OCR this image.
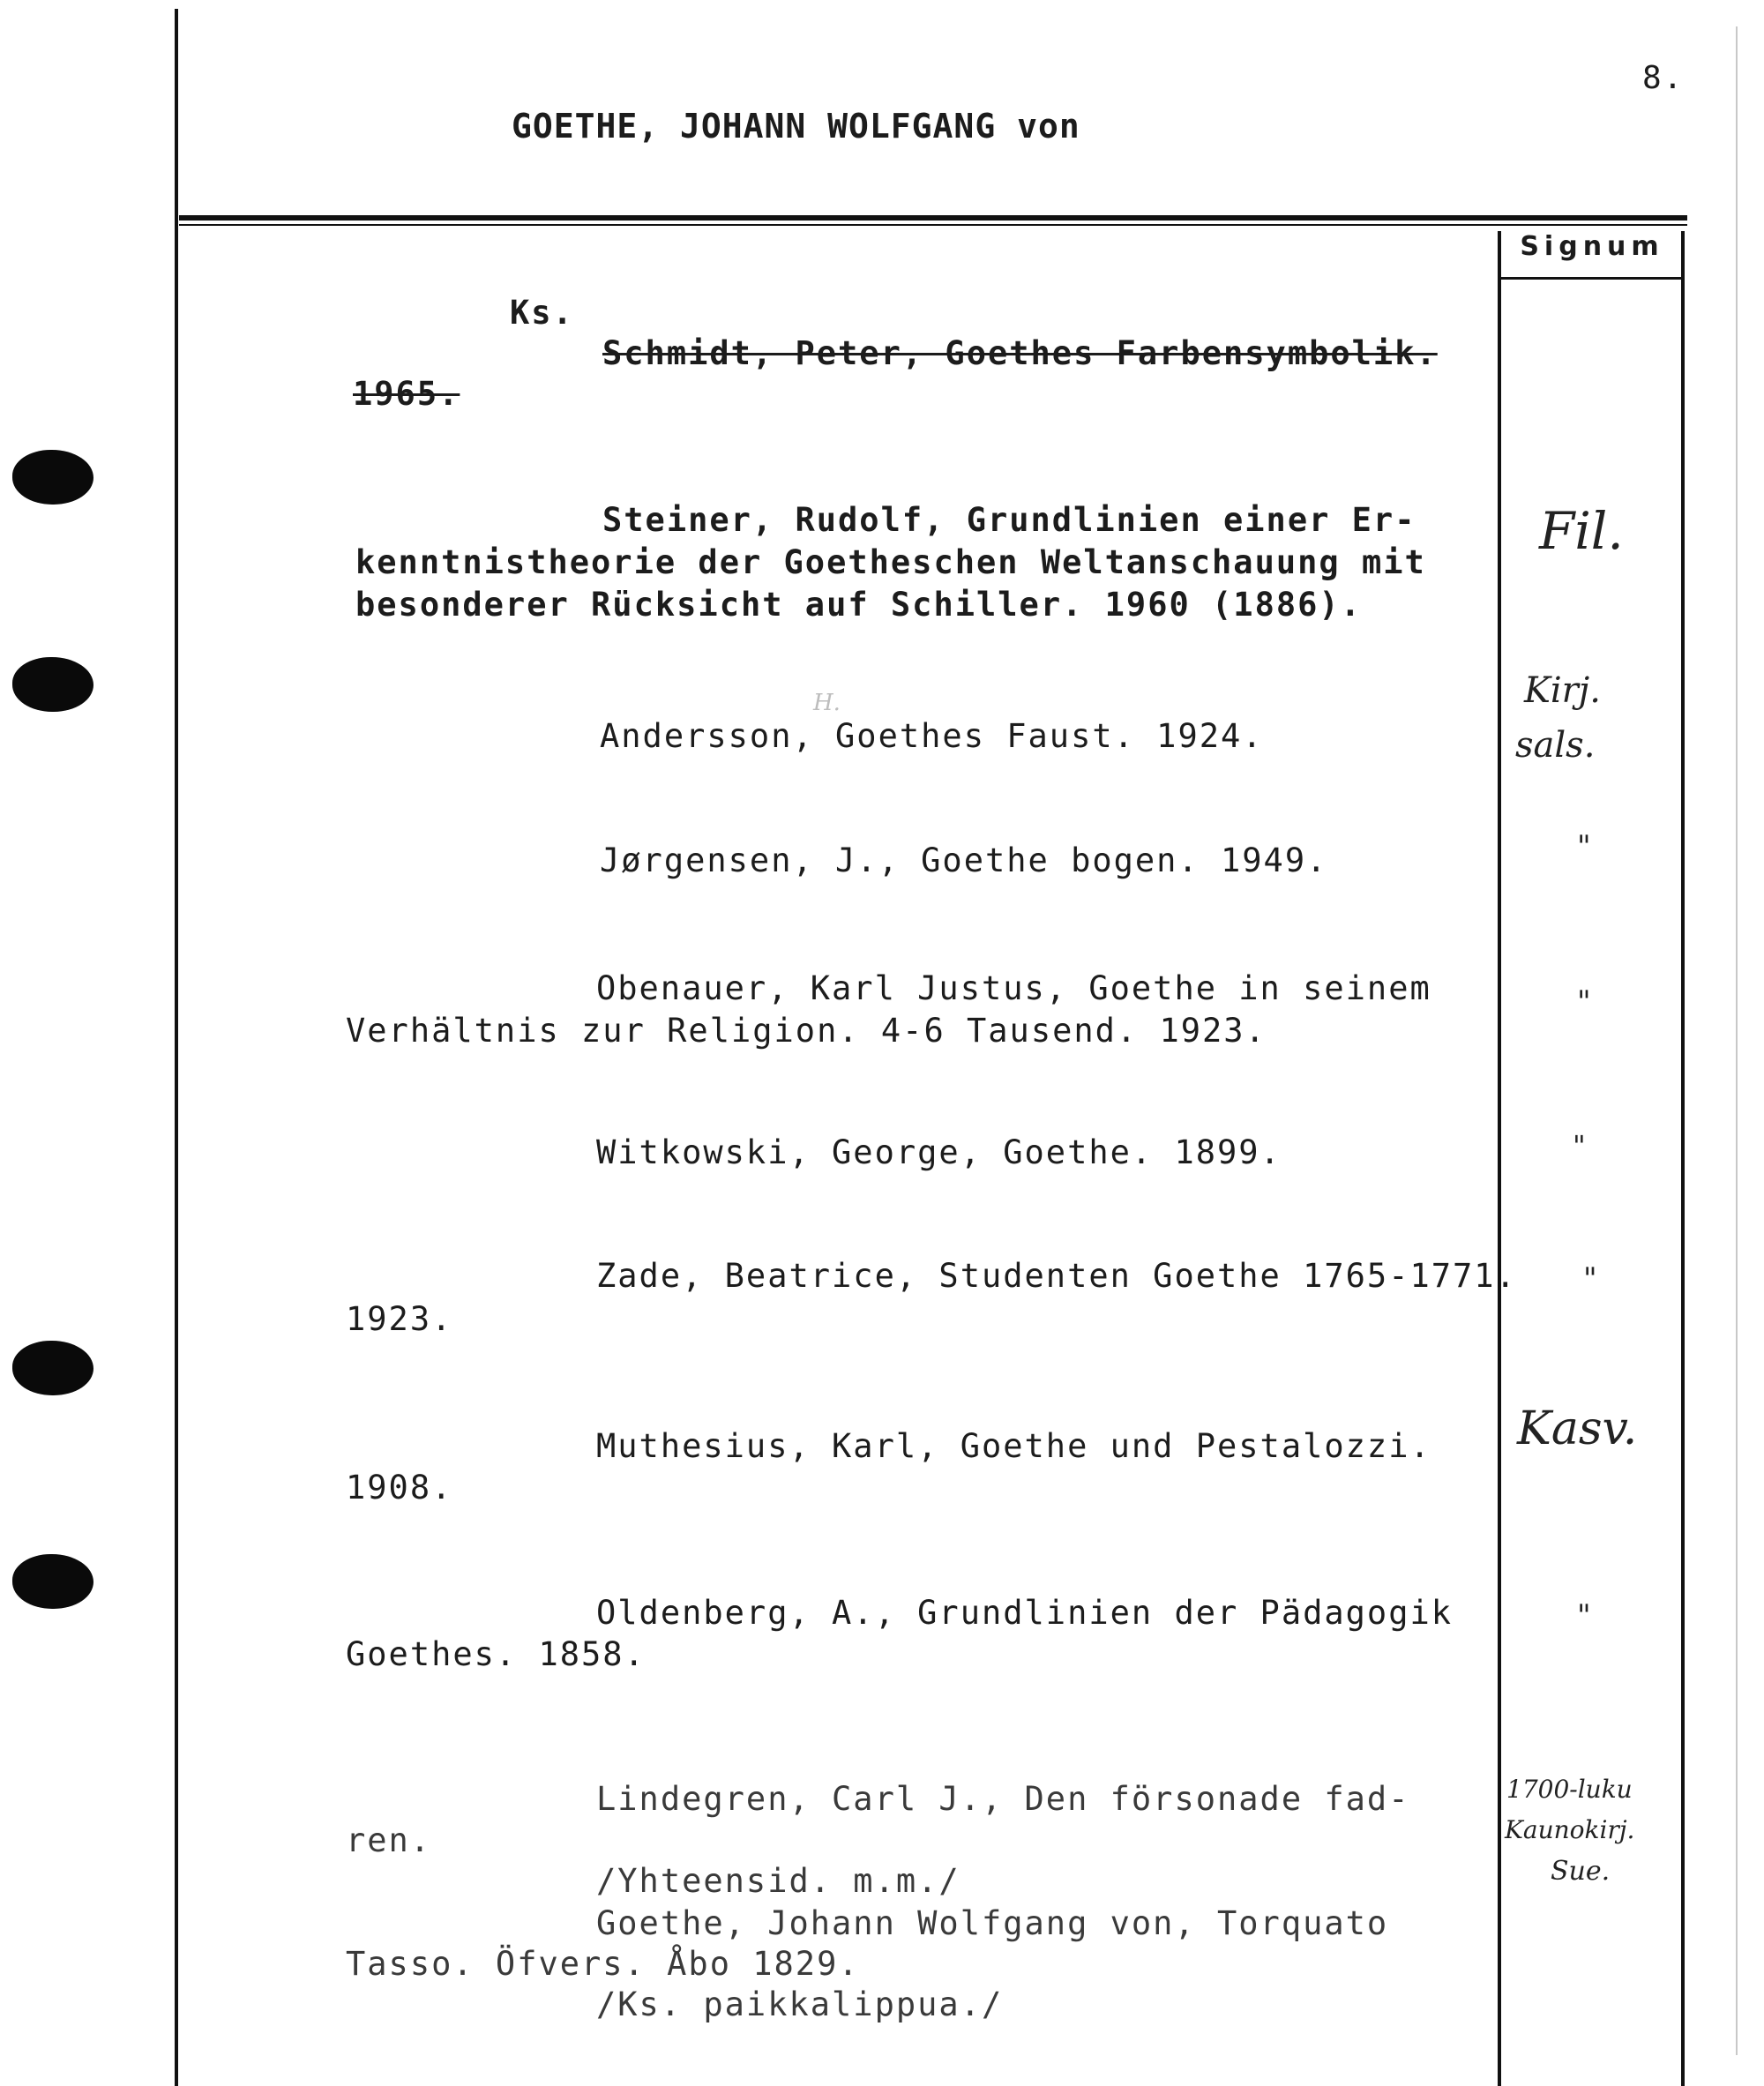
8.
GOETHE, JOHANN WOLFGANG von
Signum
Ks.
Schmidt, Peter, Goethes Farbensymbolik.
1965.
Steiner, Rudolf, Grundlinien einer Er-
kenntnistheorie der Goetheschen Weltanschauung mit
besonderer Rücksicht auf Schiller. 1960 (1886).
Andersson, Goethes Faust. 1924.
H.
Jørgensen, J., Goethe bogen. 1949.
Obenauer, Karl Justus, Goethe in seinem
Verhältnis zur Religion. 4-6 Tausend. 1923.
Witkowski, George, Goethe. 1899.
Zade, Beatrice, Studenten Goethe 1765-1771.
1923.
Muthesius, Karl, Goethe und Pestalozzi.
1908.
Oldenberg, A., Grundlinien der Pädagogik
Goethes. 1858.
Lindegren, Carl J., Den försonade fad-
ren.
/Yhteensid. m.m./
Goethe, Johann Wolfgang von, Torquato
Tasso. Öfvers. Åbo 1829.
/Ks. paikkalippua./
Fil.
Kirj.
sals.
"
"
"
"
Kasv.
"
1700-luku
Kaunokirj.
Sue.
